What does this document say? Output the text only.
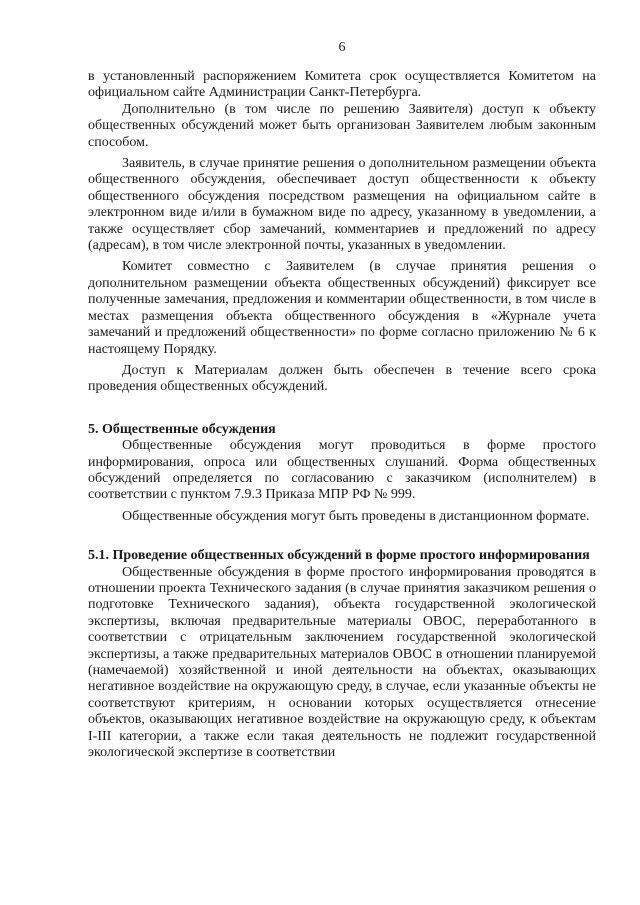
6

в установленный распоряжением Комитета срок осуществляется Комитетом на официальном сайте Администрации Санкт-Петербурга.

Дополнительно (в том числе по решению Заявителя) доступ к объекту общественных обсуждений может быть организован Заявителем любым законным способом.

Заявитель, в случае принятие решения о дополнительном размещении объекта общественного обсуждения, обеспечивает доступ общественности к объекту общественного обсуждения посредством размещения на официальном сайте в электронном виде и/или в бумажном виде по адресу, указанному в уведомлении, а также осуществляет сбор замечаний, комментариев и предложений по адресу (адресам), в том числе электронной почты, указанных в уведомлении.

Комитет совместно с Заявителем (в случае принятия решения о дополнительном размещении объекта общественных обсуждений) фиксирует все полученные замечания, предложения и комментарии общественности, в том числе в местах размещения объекта общественного обсуждения в «Журнале учета замечаний и предложений общественности» по форме согласно приложению № 6 к настоящему Порядку.

Доступ к Материалам должен быть обеспечен в течение всего срока проведения общественных обсуждений.

5. Общественные обсуждения

Общественные обсуждения могут проводиться в форме простого информирования, опроса или общественных слушаний. Форма общественных обсуждений определяется по согласованию с заказчиком (исполнителем) в соответствии с пунктом 7.9.3 Приказа МПР РФ № 999.

Общественные обсуждения могут быть проведены в дистанционном формате.

5.1. Проведение общественных обсуждений в форме простого информирования

Общественные обсуждения в форме простого информирования проводятся в отношении проекта Технического задания (в случае принятия заказчиком решения о подготовке Технического задания), объекта государственной экологической экспертизы, включая предварительные материалы ОВОС, переработанного в соответствии с отрицательным заключением государственной экологической экспертизы, а также предварительных материалов ОВОС в отношении планируемой (намечаемой) хозяйственной и иной деятельности на объектах, оказывающих негативное воздействие на окружающую среду, в случае, если указанные объекты не соответствуют критериям, н основании которых осуществляется отнесение объектов, оказывающих негативное воздействие на окружающую среду, к объектам I-III категории, а также если такая деятельность не подлежит государственной экологической экспертизе в соответствии
